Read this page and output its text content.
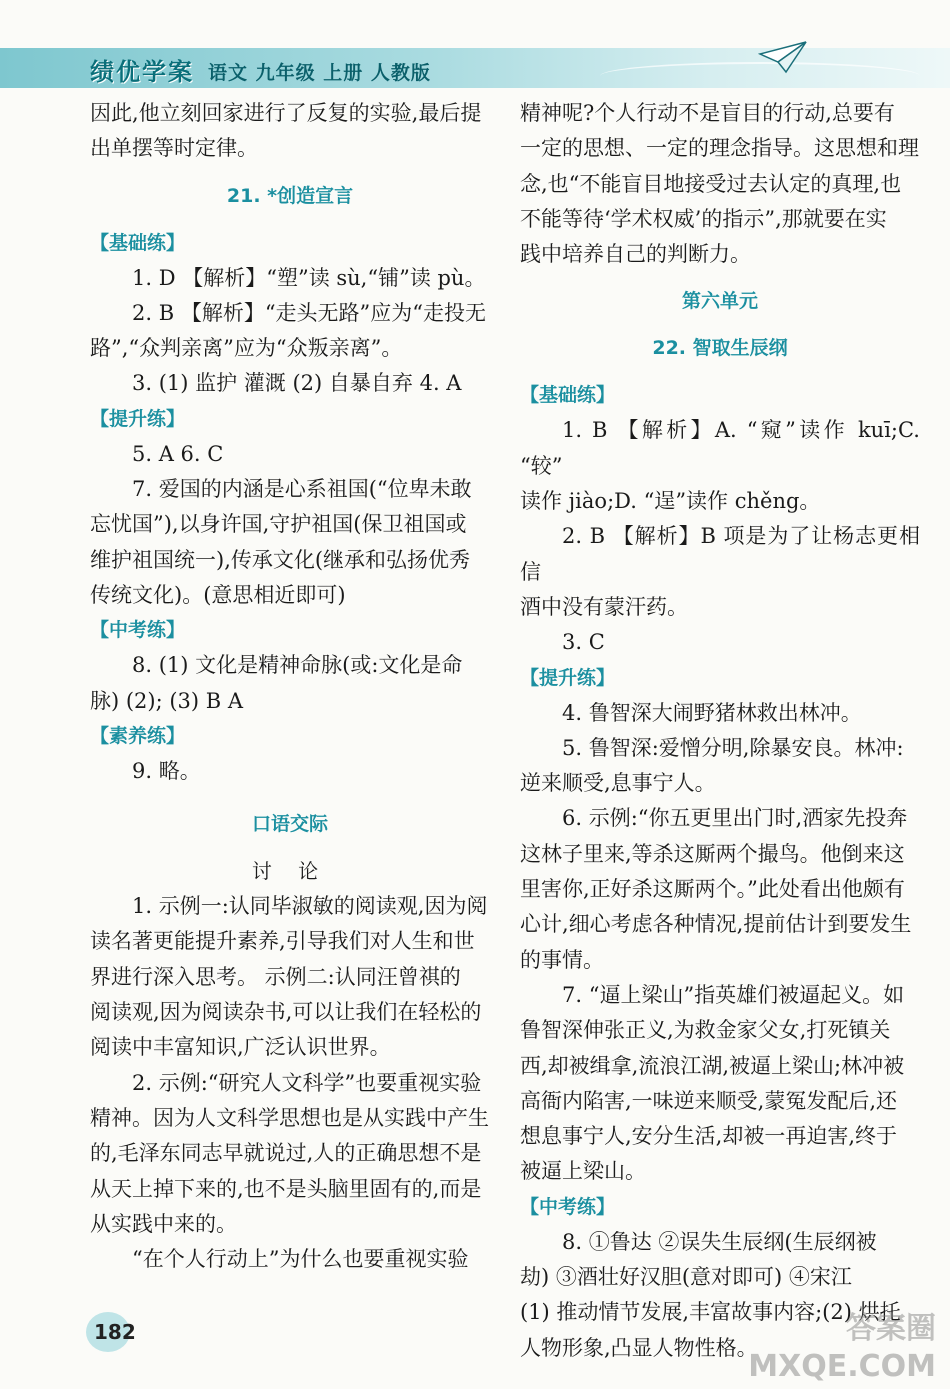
绩优学案 语文 九年级 上册 人教版

因此,他立刻回家进行了反复的实验,最后提

出单摆等时定律。

21. *创造宣言
【基础练】

1. D 【解析】“塑”读 sù,“铺”读 pù。

2. B 【解析】“走头无路”应为“走投无

路”,“众判亲离”应为“众叛亲离”。

3. (1) 监护 灌溉 (2) 自暴自弃 4. A

【提升练】

5. A 6. C

7. 爱国的内涵是心系祖国(“位卑未敢

忘忧国”),以身许国,守护祖国(保卫祖国或

维护祖国统一),传承文化(继承和弘扬优秀

传统文化)。(意思相近即可)

【中考练】

8. (1) 文化是精神命脉(或:文化是命

脉) (2); (3) B A

【素养练】

9. 略。

口语交际
讨 论

1. 示例一:认同毕淑敏的阅读观,因为阅

读名著更能提升素养,引导我们对人生和世

界进行深入思考。 示例二:认同汪曾祺的

阅读观,因为阅读杂书,可以让我们在轻松的

阅读中丰富知识,广泛认识世界。

2. 示例:“研究人文科学”也要重视实验

精神。因为人文科学思想也是从实践中产生

的,毛泽东同志早就说过,人的正确思想不是

从天上掉下来的,也不是头脑里固有的,而是

从实践中来的。

“在个人行动上”为什么也要重视实验

精神呢?个人行动不是盲目的行动,总要有

一定的思想、一定的理念指导。这思想和理

念,也“不能盲目地接受过去认定的真理,也

不能等待‘学术权威’的指示”,那就要在实

践中培养自己的判断力。

第六单元
22. 智取生辰纲
【基础练】

1. B 【解析】A. “窥”读作 kuī;C. “较”

读作 jiào;D. “逞”读作 chěng。

2. B 【解析】B 项是为了让杨志更相信

酒中没有蒙汗药。

3. C

【提升练】

4. 鲁智深大闹野猪林救出林冲。

5. 鲁智深:爱憎分明,除暴安良。林冲:

逆来顺受,息事宁人。

6. 示例:“你五更里出门时,洒家先投奔

这林子里来,等杀这厮两个撮鸟。他倒来这

里害你,正好杀这厮两个。”此处看出他颇有

心计,细心考虑各种情况,提前估计到要发生

的事情。

7. “逼上梁山”指英雄们被逼起义。如

鲁智深伸张正义,为救金家父女,打死镇关

西,却被缉拿,流浪江湖,被逼上梁山;林冲被

高衙内陷害,一味逆来顺受,蒙冤发配后,还

想息事宁人,安分生活,却被一再迫害,终于

被逼上梁山。

【中考练】

8. ①鲁达 ②误失生辰纲(生辰纲被

劫) ③酒壮好汉胆(意对即可) ④宋江

(1) 推动情节发展,丰富故事内容;(2) 烘托

人物形象,凸显人物性格。

182	答案圈
MXQE.COM
